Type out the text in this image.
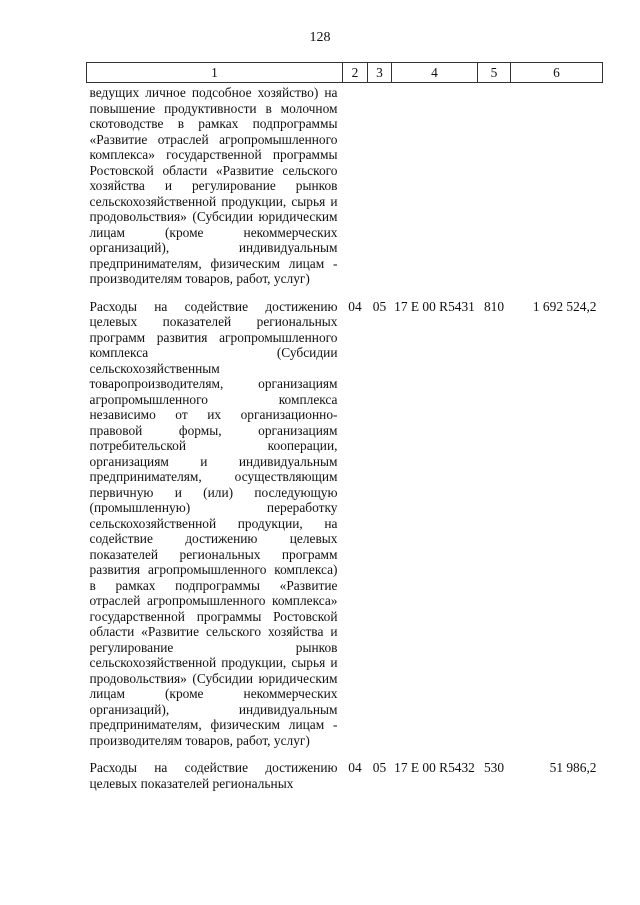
128
1	2	3	4	5	6
ведущих личное подсобное хозяйство) на повышение продуктивности в молочном скотоводстве в рамках подпрограммы «Развитие отраслей агропромышленного комплекса» государственной программы Ростовской области «Развитие сельского хозяйства и регулирование рынков сельскохозяйственной продукции, сырья и продовольствия» (Субсидии юридическим лицам (кроме некоммерческих организаций), индивидуальным предпринимателям, физическим лицам - производителям товаров, работ, услуг)					
Расходы на содействие достижению целевых показателей региональных программ развития агропромышленного комплекса (Субсидии сельскохозяйственным товаропроизводителям, организациям агропромышленного комплекса независимо от их организационно-правовой формы, организациям потребительской кооперации, организациям и индивидуальным предпринимателям, осуществляющим первичную и (или) последующую (промышленную) переработку сельскохозяйственной продукции, на содействие достижению целевых показателей региональных программ развития агропромышленного комплекса) в рамках подпрограммы «Развитие отраслей агропромышленного комплекса» государственной программы Ростовской области «Развитие сельского хозяйства и регулирование рынков сельскохозяйственной продукции, сырья и продовольствия» (Субсидии юридическим лицам (кроме некоммерческих организаций), индивидуальным предпринимателям, физическим лицам - производителям товаров, работ, услуг)	04	05	17 Е 00 R5431	810	1 692 524,2
Расходы на содействие достижению целевых показателей региональных	04	05	17 Е 00 R5432	530	51 986,2
